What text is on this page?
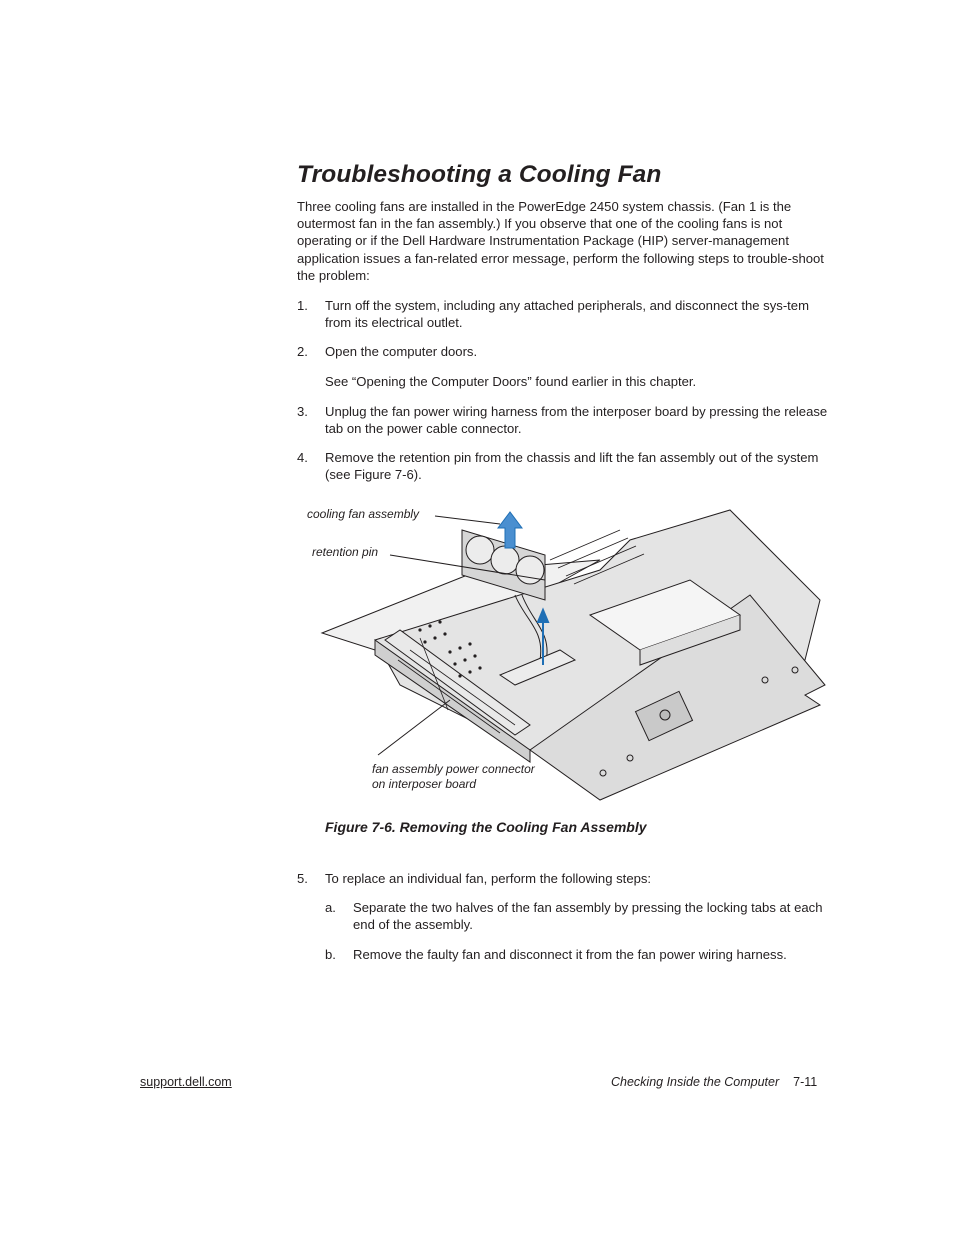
Troubleshooting a Cooling Fan
Three cooling fans are installed in the PowerEdge 2450 system chassis. (Fan 1 is the outermost fan in the fan assembly.) If you observe that one of the cooling fans is not operating or if the Dell Hardware Instrumentation Package (HIP) server-management application issues a fan-related error message, perform the following steps to trouble-shoot the problem:
1. Turn off the system, including any attached peripherals, and disconnect the sys-tem from its electrical outlet.
2. Open the computer doors.
See “Opening the Computer Doors” found earlier in this chapter.
3. Unplug the fan power wiring harness from the interposer board by pressing the release tab on the power cable connector.
4. Remove the retention pin from the chassis and lift the fan assembly out of the system (see Figure 7-6).
cooling fan assembly
retention pin
fan assembly power connector
on interposer board
Figure 7-6. Removing the Cooling Fan Assembly
5. To replace an individual fan, perform the following steps:
a. Separate the two halves of the fan assembly by pressing the locking tabs at each end of the assembly.
b. Remove the faulty fan and disconnect it from the fan power wiring harness.
support.dell.com	Checking Inside the Computer 7-11
